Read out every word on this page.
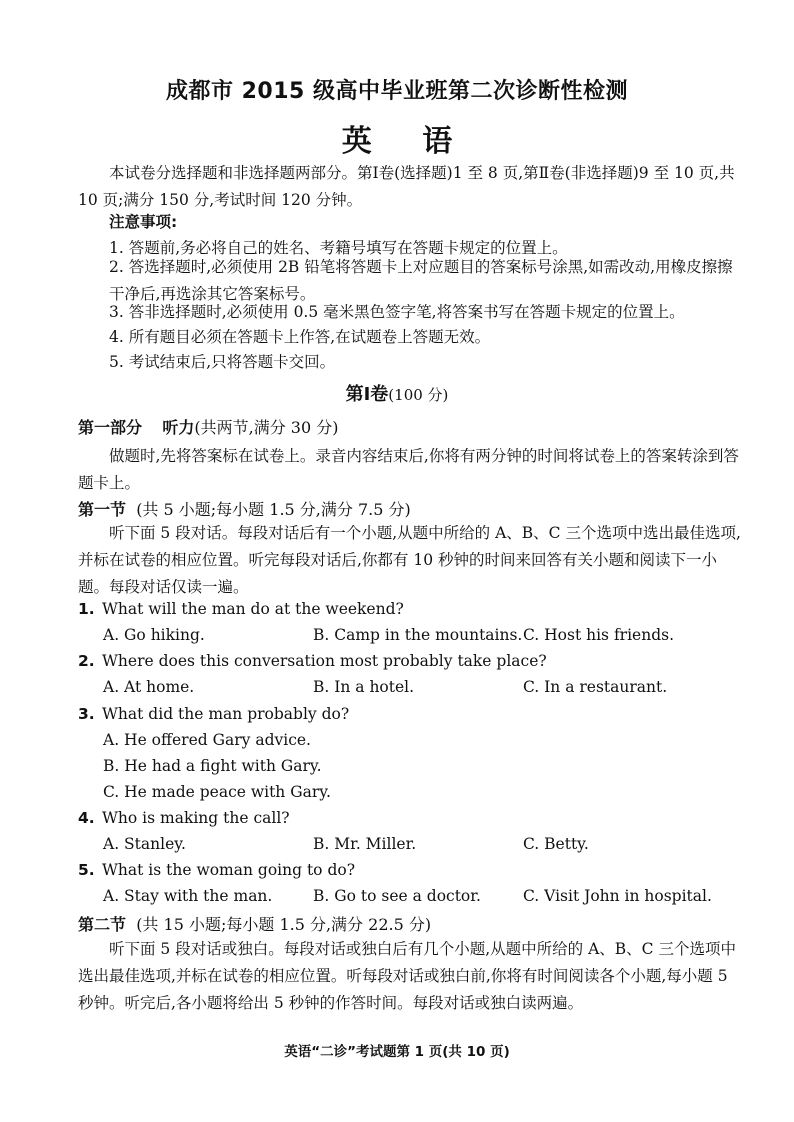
成都市 2015 级高中毕业班第二次诊断性检测
英 语
本试卷分选择题和非选择题两部分。第Ⅰ卷(选择题)1 至 8 页,第Ⅱ卷(非选择题)9 至 10 页,共 10 页;满分 150 分,考试时间 120 分钟。
注意事项:
1. 答题前,务必将自己的姓名、考籍号填写在答题卡规定的位置上。
2. 答选择题时,必须使用 2B 铅笔将答题卡上对应题目的答案标号涂黑,如需改动,用橡皮擦擦干净后,再选涂其它答案标号。
3. 答非选择题时,必须使用 0.5 毫米黑色签字笔,将答案书写在答题卡规定的位置上。
4. 所有题目必须在答题卡上作答,在试题卷上答题无效。
5. 考试结束后,只将答题卡交回。
第Ⅰ卷(100 分)
第一部分 听力(共两节,满分 30 分)
做题时,先将答案标在试卷上。录音内容结束后,你将有两分钟的时间将试卷上的答案转涂到答题卡上。
第一节 (共 5 小题;每小题 1.5 分,满分 7.5 分)
听下面 5 段对话。每段对话后有一个小题,从题中所给的 A、B、C 三个选项中选出最佳选项,并标在试卷的相应位置。听完每段对话后,你都有 10 秒钟的时间来回答有关小题和阅读下一小题。每段对话仅读一遍。
1. What will the man do at the weekend?
A. Go hiking.	B. Camp in the mountains. C. Host his friends.
2. Where does this conversation most probably take place?
A. At home.	B. In a hotel.	C. In a restaurant.
3. What did the man probably do?
A. He offered Gary advice.
B. He had a fight with Gary.
C. He made peace with Gary.
4. Who is making the call?
A. Stanley.	B. Mr. Miller.	C. Betty.
5. What is the woman going to do?
A. Stay with the man.	B. Go to see a doctor.	C. Visit John in hospital.
第二节 (共 15 小题;每小题 1.5 分,满分 22.5 分)
听下面 5 段对话或独白。每段对话或独白后有几个小题,从题中所给的 A、B、C 三个选项中选出最佳选项,并标在试卷的相应位置。听每段对话或独白前,你将有时间阅读各个小题,每小题 5 秒钟。听完后,各小题将给出 5 秒钟的作答时间。每段对话或独白读两遍。
英语“二诊”考试题第 1 页(共 10 页)
